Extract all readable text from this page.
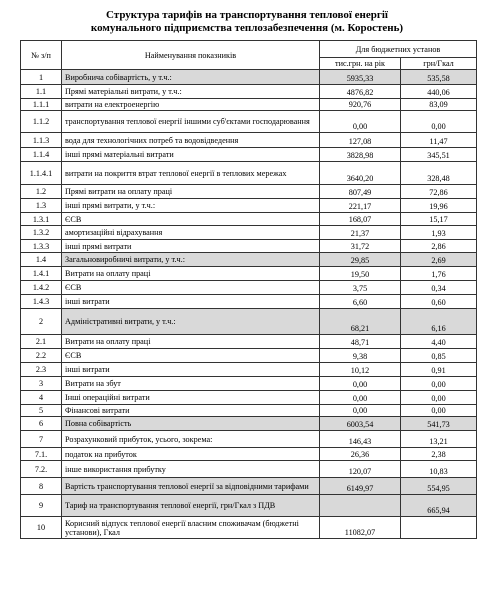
Структура тарифів на транспортування теплової енергії
комунального підприємства теплозабезпечення (м. Коростень)
№ з/п	Найменування показників	Для бюджетних установ	
		тис.грн. на рік	грн/Гкал
1	Виробнича собівартість, у т.ч.:	5935,33	535,58
1.1	Прямі матеріальні витрати, у т.ч.:	4876,82	440,06
1.1.1	витрати на електроенергію	920,76	83,09
1.1.2	транспортування теплової енергії іншими суб'єктами господарювання	0,00	0,00
1.1.3	вода для технологічних потреб та водовідведення	127,08	11,47
1.1.4	інші прямі матеріальні витрати	3828,98	345,51
1.1.4.1	витрати на покриття втрат теплової енергії в теплових мережах	3640,20	328,48
1.2	Прямі витрати на оплату праці	807,49	72,86
1.3	інші прямі витрати, у т.ч.:	221,17	19,96
1.3.1	ЄСВ	168,07	15,17
1.3.2	амортизаційні відрахування	21,37	1,93
1.3.3	інші прямі витрати	31,72	2,86
1.4	Загальновиробничі витрати, у т.ч.:	29,85	2,69
1.4.1	Витрати на оплату праці	19,50	1,76
1.4.2	ЄСВ	3,75	0,34
1.4.3	інші витрати	6,60	0,60
2	Адміністративні витрати, у т.ч.:	68,21	6,16
2.1	Витрати на оплату праці	48,71	4,40
2.2	ЄСВ	9,38	0,85
2.3	інші витрати	10,12	0,91
3	Витрати на збут	0,00	0,00
4	Інші операційні витрати	0,00	0,00
5	Фінансові витрати	0,00	0,00
6	Повна собівартість	6003,54	541,73
7	Розрахунковий прибуток, усього, зокрема:	146,43	13,21
7.1.	податок на прибуток	26,36	2,38
7.2.	інше використання прибутку	120,07	10,83
8	Вартість транспортування теплової енергії за відповідними тарифами	6149,97	554,95
9	Тариф на транспортування теплової енергії, грн/Гкал з ПДВ		665,94
10	Корисний відпуск теплової енергії власним споживачам (бюджетні установи), Гкал	11082,07	
